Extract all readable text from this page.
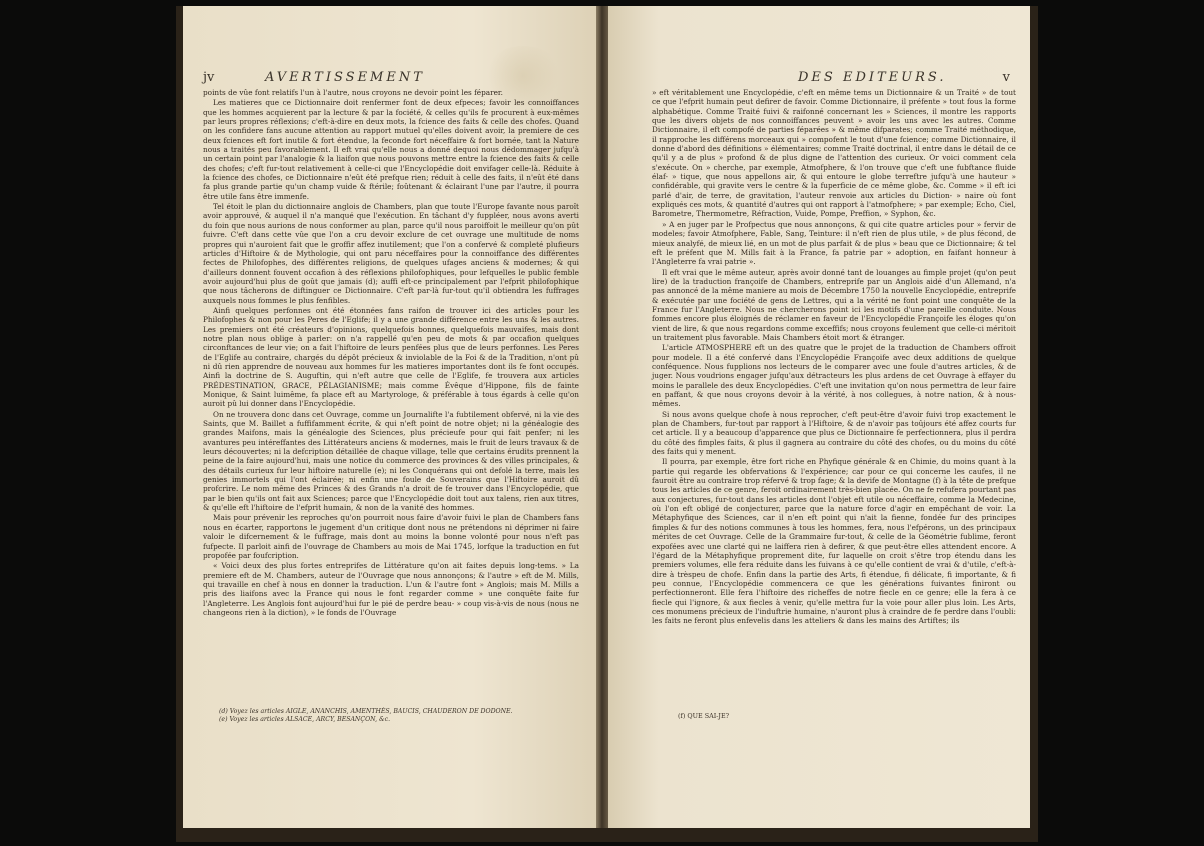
jv	AVERTISSEMENT

points de vûe font relatifs l'un à l'autre, nous croyons ne devoir point les féparer.

Les matieres que ce Dictionnaire doit renfermer font de deux efpeces; favoir les connoiffances que les hommes acquierent par la lecture & par la fociété, & celles qu'ils fe procurent à eux-mêmes par leurs propres réflexions; c'eft-à-dire en deux mots, la fcience des faits & celle des chofes. Quand on les confidere fans aucune attention au rapport mutuel qu'elles doivent avoir, la premiere de ces deux fciences eft fort inutile & fort étendue, la feconde fort néceffaire & fort bornée, tant la Nature nous a traités peu favorablement. Il eft vrai qu'elle nous a donné dequoi nous dédommager jufqu'à un certain point par l'analogie & la liaifon que nous pouvons mettre entre la fcience des faits & celle des chofes; c'eft fur-tout relativement à celle-ci que l'Encyclopédie doit envifager celle-là. Réduite à la fcience des chofes, ce Dictionnaire n'eût été prefque rien; réduit à celle des faits, il n'eût été dans fa plus grande partie qu'un champ vuide & ftérile; foûtenant & éclairant l'une par l'autre, il pourra être utile fans être immenfe.

Tel étoit le plan du dictionnaire anglois de Chambers, plan que toute l'Europe favante nous paroît avoir approuvé, & auquel il n'a manqué que l'exécution. En tâchant d'y fuppléer, nous avons averti du foin que nous aurions de nous conformer au plan, parce qu'il nous paroiffoit le meilleur qu'on pût fuivre. C'eft dans cette vûe que l'on a cru devoir exclure de cet ouvrage une multitude de noms propres qui n'auroient fait que le groffir affez inutilement; que l'on a confervé & completé plufieurs articles d'Hiftoire & de Mythologie, qui ont paru néceffaires pour la connoiffance des différentes fectes de Philofophes, des différentes religions, de quelques ufages anciens & modernes; & qui d'ailleurs donnent fouvent occafion à des réflexions philofophiques, pour lefquelles le public femble avoir aujourd'hui plus de goût que jamais (d); auffi eft-ce principalement par l'efprit philofophique que nous tâcherons de diftinguer ce Dictionnaire. C'eft par-là fur-tout qu'il obtiendra les fuffrages auxquels nous fommes le plus fenfibles.

Ainfi quelques perfonnes ont été étonnées fans raifon de trouver ici des articles pour les Philofophes & non pour les Peres de l'Eglife; il y a une grande différence entre les uns & les autres. Les premiers ont été créateurs d'opinions, quelquefois bonnes, quelquefois mauvaifes, mais dont notre plan nous oblige à parler: on n'a rappellé qu'en peu de mots & par occafion quelques circonftances de leur vie; on a fait l'hiftoire de leurs penfées plus que de leurs perfonnes. Les Peres de l'Eglife au contraire, chargés du dépôt précieux & inviolable de la Foi & de la Tradition, n'ont pû ni dû rien apprendre de nouveau aux hommes fur les matieres importantes dont ils fe font occupés. Ainfi la doctrine de S. Auguftin, qui n'eft autre que celle de l'Eglife, fe trouvera aux articles PRÉDESTINATION, GRACE, PÉLAGIANISME; mais comme Évêque d'Hippone, fils de fainte Monique, & Saint luimême, fa place eft au Martyrologe, & préférable à tous égards à celle qu'on auroit pû lui donner dans l'Encyclopédie.

On ne trouvera donc dans cet Ouvrage, comme un Journalifte l'a fubtilement obfervé, ni la vie des Saints, que M. Baillet a fuffifamment écrite, & qui n'eft point de notre objet; ni la généalogie des grandes Maifons, mais la généalogie des Sciences, plus précieufe pour qui fait penfer; ni les avantures peu intéreffantes des Littérateurs anciens & modernes, mais le fruit de leurs travaux & de leurs découvertes; ni la defcription détaillée de chaque village, telle que certains érudits prennent la peine de la faire aujourd'hui, mais une notice du commerce des provinces & des villes principales, & des détails curieux fur leur hiftoire naturelle (e); ni les Conquérans qui ont defolé la terre, mais les genies immortels qui l'ont éclairée; ni enfin une foule de Souverains que l'Hiftoire auroit dû profcrire. Le nom même des Princes & des Grands n'a droit de fe trouver dans l'Encyclopédie, que par le bien qu'ils ont fait aux Sciences; parce que l'Encyclopédie doit tout aux talens, rien aux titres, & qu'elle eft l'hiftoire de l'efprit humain, & non de la vanité des hommes.

Mais pour prévenir les reproches qu'on pourroit nous faire d'avoir fuivi le plan de Chambers fans nous en écarter, rapportons le jugement d'un critique dont nous ne prétendons ni déprimer ni faire valoir le difcernement & le fuffrage, mais dont au moins la bonne volonté pour nous n'eft pas fufpecte. Il parloit ainfi de l'ouvrage de Chambers au mois de Mai 1745, lorfque la traduction en fut propofée par foufcription.

« Voici deux des plus fortes entreprifes de Littérature qu'on ait faites depuis long-tems. » La premiere eft de M. Chambers, auteur de l'Ouvrage que nous annonçons; & l'autre » eft de M. Mills, qui travaille en chef à nous en donner la traduction. L'un & l'autre font » Anglois; mais M. Mills a pris des liaifons avec la France qui nous le font regarder comme » une conquête faite fur l'Angleterre. Les Anglois font aujourd'hui fur le pié de perdre beau- » coup vis-à-vis de nous (nous ne changeons rien à la diction), » le fonds de l'Ouvrage

(d) Voyez les articles AIGLE, ANANCHIS, AMENTHÈS, BAUCIS, CHAUDERON DE DODONE.
(e) Voyez les articles ALSACE, ARCY, BESANÇON, &c.
DES EDITEURS.	v

» eft véritablement une Encyclopédie, c'eft en même tems un Dictionnaire & un Traité » de tout ce que l'efprit humain peut defirer de favoir. Comme Dictionnaire, il préfente » tout fous la forme alphabétique. Comme Traité fuivi & raifonné concernant les » Sciences, il montre les rapports que les divers objets de nos connoiffances peuvent » avoir les uns avec les autres. Comme Dictionnaire, il eft compofé de parties féparées » & même difparates; comme Traité méthodique, il rapproche les différens morceaux qui » compofent le tout d'une fcience; comme Dictionnaire, il donne d'abord des définitions » élémentaires; comme Traité doctrinal, il entre dans le détail de ce qu'il y a de plus » profond & de plus digne de l'attention des curieux. Or voici comment cela s'exécute. On » cherche, par exemple, Atmofphere, & l'on trouve que c'eft une fubftance fluide élaf- » tique, que nous appellons air, & qui entoure le globe terreftre jufqu'à une hauteur » confidérable, qui gravite vers le centre & la fuperficie de ce même globe, &c. Comme » il eft ici parlé d'air, de terre, de gravitation, l'auteur renvoie aux articles du Diction- » naire où font expliqués ces mots, & quantité d'autres qui ont rapport à l'atmofphere; » par exemple; Echo, Ciel, Barometre, Thermometre, Réfraction, Vuide, Pompe, Preffion, » Syphon, &c.

» A en juger par le Profpectus que nous annonçons, & qui cite quatre articles pour » fervir de modeles; favoir Atmofphere, Fable, Sang, Teinture: il n'eft rien de plus utile, » de plus fécond, de mieux analyfé, de mieux lié, en un mot de plus parfait & de plus » beau que ce Dictionnaire; & tel eft le préfent que M. Mills fait à la France, fa patrie par » adoption, en faifant honneur à l'Angleterre fa vrai patrie ».

Il eft vrai que le même auteur, après avoir donné tant de louanges au fimple projet (qu'on peut lire) de la traduction françoife de Chambers, entreprife par un Anglois aidé d'un Allemand, n'a pas annoncé de la même maniere au mois de Décembre 1750 la nouvelle Encyclopédie, entreprife & exécutée par une fociété de gens de Lettres, qui a la vérité ne font point une conquête de la France fur l'Angleterre. Nous ne chercherons point ici les motifs d'une pareille conduite. Nous fommes encore plus éloignés de réclamer en faveur de l'Encyclopédie Françoife les éloges qu'on vient de lire, & que nous regardons comme exceffifs; nous croyons feulement que celle-ci méritoit un traitement plus favorable. Mais Chambers étoit mort & étranger.

L'article ATMOSPHERE eft un des quatre que le projet de la traduction de Chambers offroit pour modele. Il a été confervé dans l'Encyclopédie Françoife avec deux additions de quelque conféquence. Nous fupplions nos lecteurs de le comparer avec une foule d'autres articles, & de juger. Nous voudrions engager jufqu'aux détracteurs les plus ardens de cet Ouvrage à effayer du moins le parallele des deux Encyclopédies. C'eft une invitation qu'on nous permettra de leur faire en paffant, & que nous croyons devoir à la vérité, à nos collegues, à notre nation, & à nous-mêmes.

Si nous avons quelque chofe à nous reprocher, c'eft peut-être d'avoir fuivi trop exactement le plan de Chambers, fur-tout par rapport à l'Hiftoire, & de n'avoir pas toûjours été affez courts fur cet article. Il y a beaucoup d'apparence que plus ce Dictionnaire fe perfectionnera, plus il perdra du côté des fimples faits, & plus il gagnera au contraire du côté des chofes, ou du moins du côté des faits qui y menent.

Il pourra, par exemple, être fort riche en Phyfique générale & en Chimie, du moins quant à la partie qui regarde les obfervations & l'expérience; car pour ce qui concerne les caufes, il ne fauroit être au contraire trop réfervé & trop fage; & la devife de Montagne (f) à la tête de prefque tous les articles de ce genre, feroit ordinairement très-bien placée. On ne fe refufera pourtant pas aux conjectures, fur-tout dans les articles dont l'objet eft utile ou néceffaire, comme la Medecine, où l'on eft obligé de conjecturer, parce que la nature force d'agir en empêchant de voir. La Métaphyfique des Sciences, car il n'en eft point qui n'ait la fienne, fondée fur des principes fimples & fur des notions communes à tous les hommes, fera, nous l'efpérons, un des principaux mérites de cet Ouvrage. Celle de la Grammaire fur-tout, & celle de la Géométrie fublime, feront expofées avec une clarté qui ne laiffera rien à defirer, & que peut-être elles attendent encore. A l'égard de la Métaphyfique proprement dite, fur laquelle on croit s'être trop étendu dans les premiers volumes, elle fera réduite dans les fuivans à ce qu'elle contient de vrai & d'utile, c'eft-à-dire à trèspeu de chofe. Enfin dans la partie des Arts, fi étendue, fi délicate, fi importante, & fi peu connue, l'Encyclopédie commencera ce que les générations fuivantes finiront ou perfectionneront. Elle fera l'hiftoire des richeffes de notre fiecle en ce genre; elle la fera à ce fiecle qui l'ignore, & aux fiecles à venir, qu'elle mettra fur la voie pour aller plus loin. Les Arts, ces monumens précieux de l'induftrie humaine, n'auront plus à craindre de fe perdre dans l'oubli: les faits ne feront plus enfevelis dans les atteliers & dans les mains des Artiftes; ils

(f) QUE SAI-JE?
